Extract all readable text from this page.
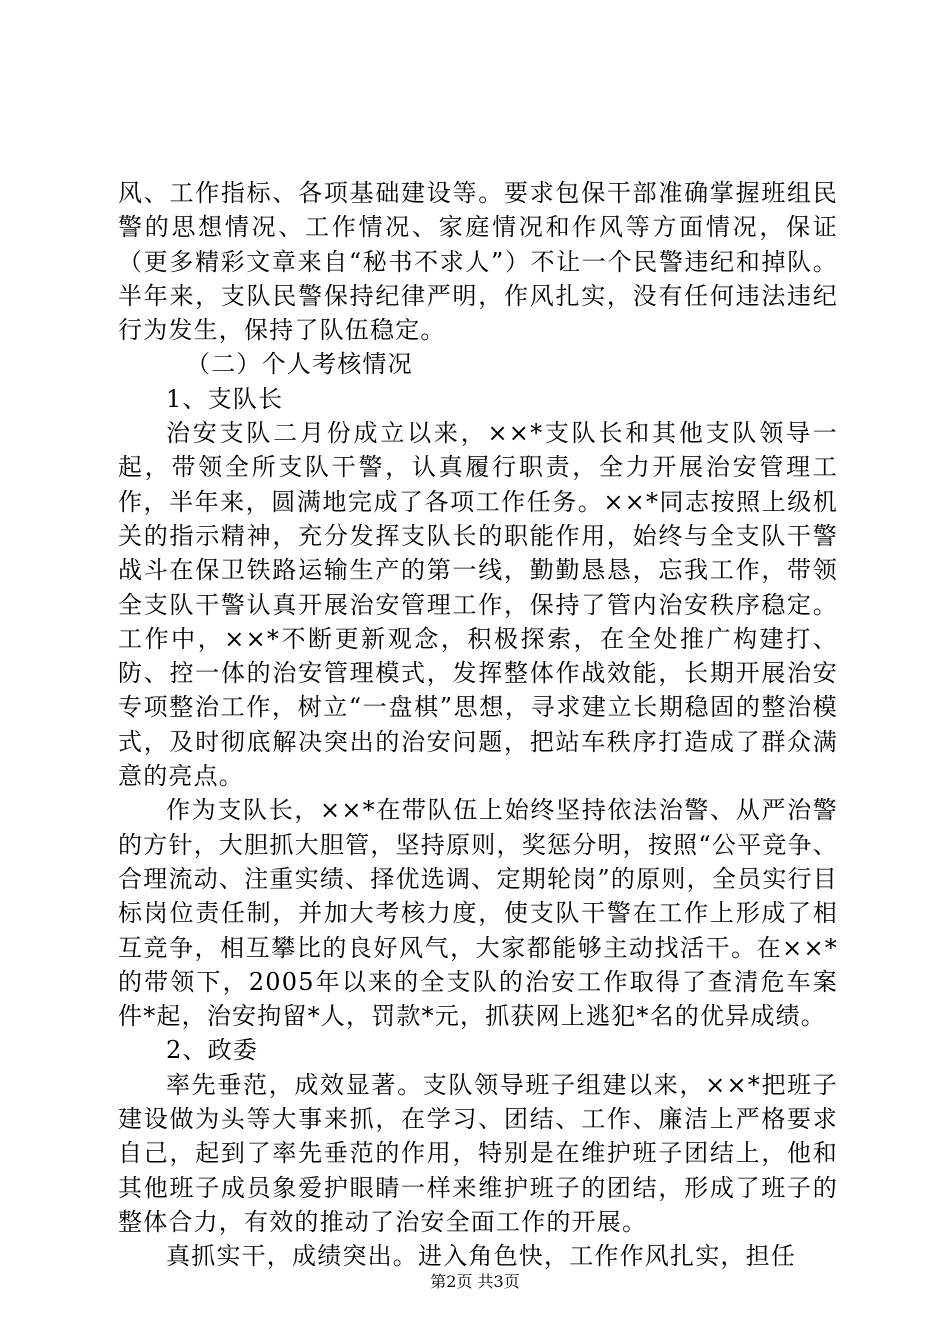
风、工作指标、各项基础建设等。要求包保干部准确掌握班组民警的思想情况、工作情况、家庭情况和作风等方面情况，保证（更多精彩文章来自“秘书不求人”）不让一个民警违纪和掉队。半年来，支队民警保持纪律严明，作风扎实，没有任何违法违纪行为发生，保持了队伍稳定。

（二）个人考核情况

1、支队长

治安支队二月份成立以来，××*支队长和其他支队领导一起，带领全所支队干警，认真履行职责，全力开展治安管理工作，半年来，圆满地完成了各项工作任务。××*同志按照上级机关的指示精神，充分发挥支队长的职能作用，始终与全支队干警战斗在保卫铁路运输生产的第一线，勤勤恳恳，忘我工作，带领全支队干警认真开展治安管理工作，保持了管内治安秩序稳定。工作中，××*不断更新观念，积极探索，在全处推广构建打、防、控一体的治安管理模式，发挥整体作战效能，长期开展治安专项整治工作，树立“一盘棋”思想，寻求建立长期稳固的整治模式，及时彻底解决突出的治安问题，把站车秩序打造成了群众满意的亮点。

作为支队长，××*在带队伍上始终坚持依法治警、从严治警的方针，大胆抓大胆管，坚持原则，奖惩分明，按照“公平竞争、合理流动、注重实绩、择优选调、定期轮岗”的原则，全员实行目标岗位责任制，并加大考核力度，使支队干警在工作上形成了相互竞争，相互攀比的良好风气，大家都能够主动找活干。在××*的带领下，2005年以来的全支队的治安工作取得了查清危车案件*起，治安拘留*人，罚款*元，抓获网上逃犯*名的优异成绩。

2、政委

率先垂范，成效显著。支队领导班子组建以来，××*把班子建设做为头等大事来抓，在学习、团结、工作、廉洁上严格要求自己，起到了率先垂范的作用，特别是在维护班子团结上，他和其他班子成员象爱护眼睛一样来维护班子的团结，形成了班子的整体合力，有效的推动了治安全面工作的开展。

真抓实干，成绩突出。进入角色快，工作作风扎实，担任

第2页 共3页
